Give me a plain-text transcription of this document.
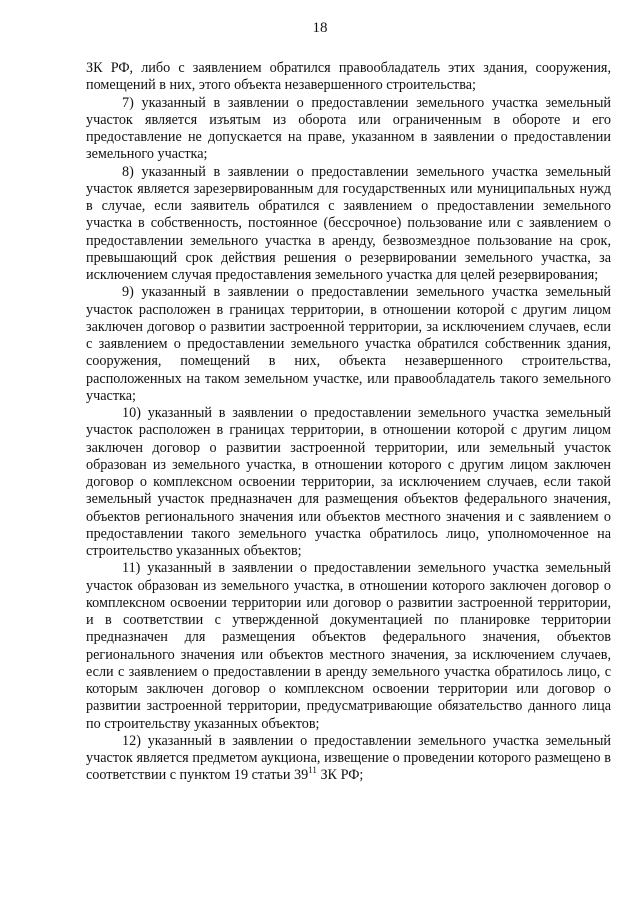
18

ЗК РФ, либо с заявлением обратился правообладатель этих здания, сооружения, помещений в них, этого объекта незавершенного строительства;

7) указанный в заявлении о предоставлении земельного участка земельный участок является изъятым из оборота или ограниченным в обороте и его предоставление не допускается на праве, указанном в заявлении о предоставлении земельного участка;

8) указанный в заявлении о предоставлении земельного участка земельный участок является зарезервированным для государственных или муниципальных нужд в случае, если заявитель обратился с заявлением о предоставлении земельного участка в собственность, постоянное (бессрочное) пользование или с заявлением о предоставлении земельного участка в аренду, безвозмездное пользование на срок, превышающий срок действия решения о резервировании земельного участка, за исключением случая предоставления земельного участка для целей резервирования;

9) указанный в заявлении о предоставлении земельного участка земельный участок расположен в границах территории, в отношении которой с другим лицом заключен договор о развитии застроенной территории, за исключением случаев, если с заявлением о предоставлении земельного участка обратился собственник здания, сооружения, помещений в них, объекта незавершенного строительства, расположенных на таком земельном участке, или правообладатель такого земельного участка;

10) указанный в заявлении о предоставлении земельного участка земельный участок расположен в границах территории, в отношении которой с другим лицом заключен договор о развитии застроенной территории, или земельный участок образован из земельного участка, в отношении которого с другим лицом заключен договор о комплексном освоении территории, за исключением случаев, если такой земельный участок предназначен для размещения объектов федерального значения, объектов регионального значения или объектов местного значения и с заявлением о предоставлении такого земельного участка обратилось лицо, уполномоченное на строительство указанных объектов;

11) указанный в заявлении о предоставлении земельного участка земельный участок образован из земельного участка, в отношении которого заключен договор о комплексном освоении территории или договор о развитии застроенной территории, и в соответствии с утвержденной документацией по планировке территории предназначен для размещения объектов федерального значения, объектов регионального значения или объектов местного значения, за исключением случаев, если с заявлением о предоставлении в аренду земельного участка обратилось лицо, с которым заключен договор о комплексном освоении территории или договор о развитии застроенной территории, предусматривающие обязательство данного лица по строительству указанных объектов;

12) указанный в заявлении о предоставлении земельного участка земельный участок является предметом аукциона, извещение о проведении которого размещено в соответствии с пунктом 19 статьи $39^{11}$ ЗК РФ;
